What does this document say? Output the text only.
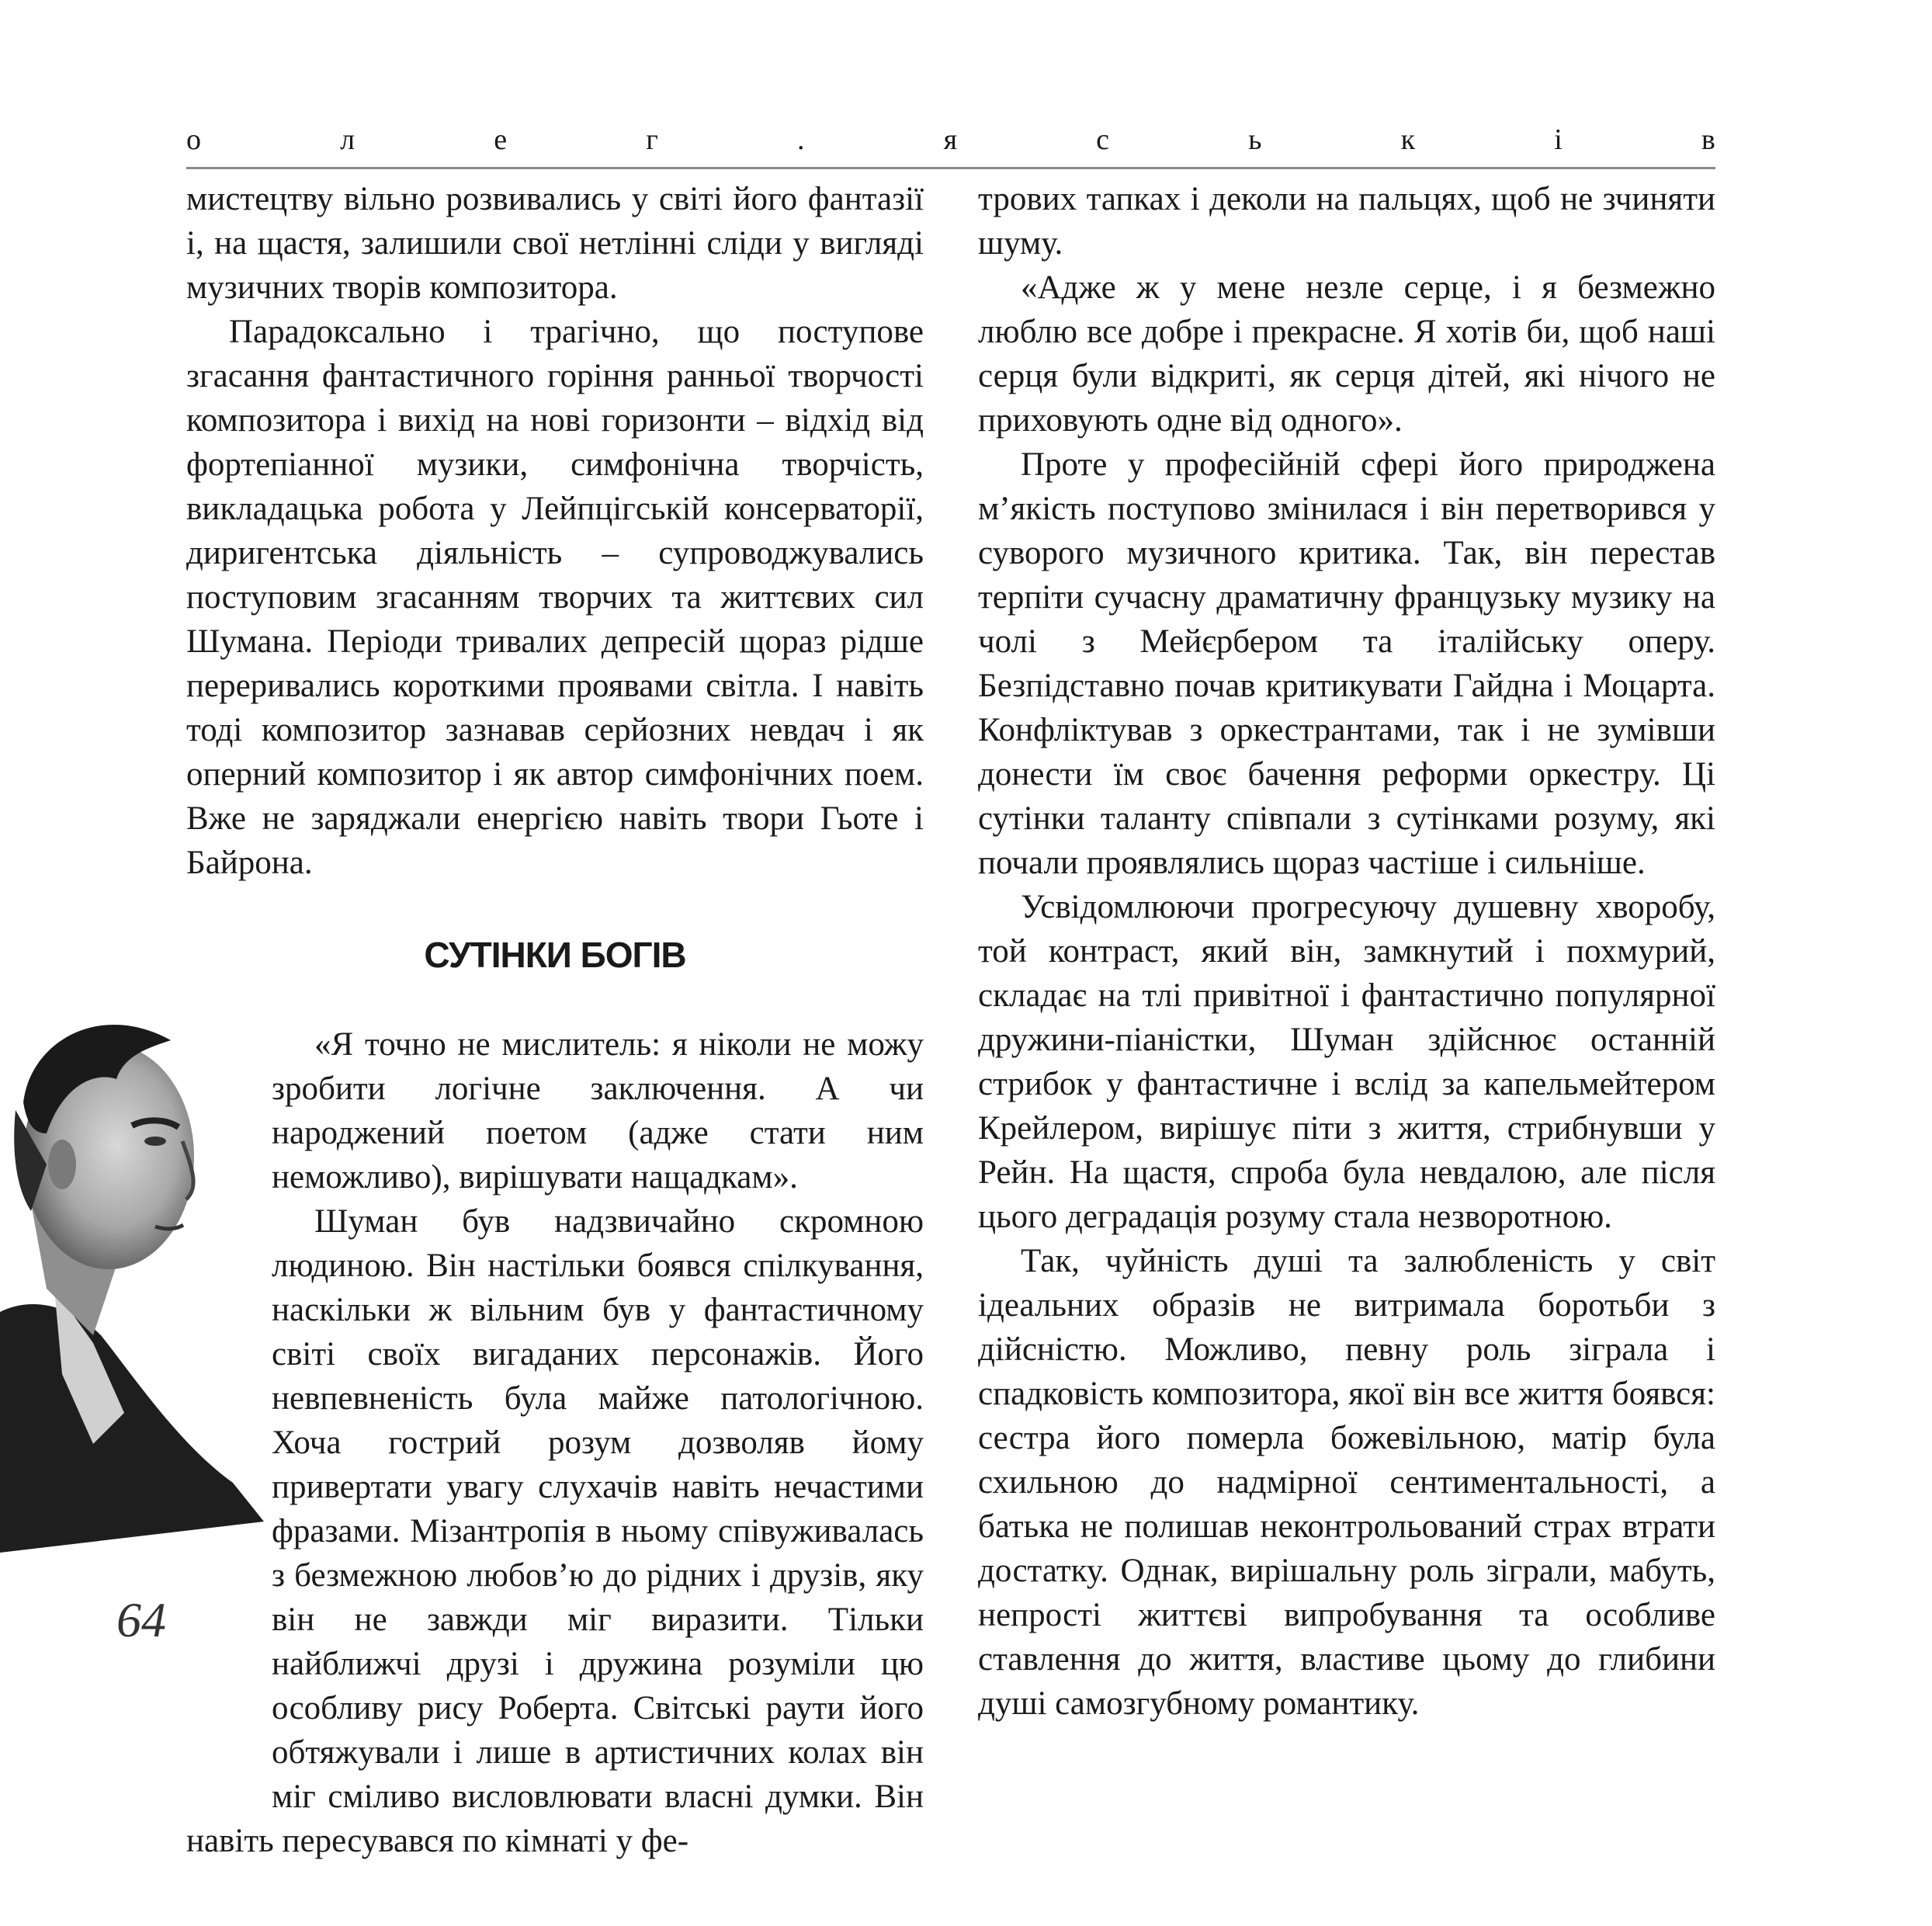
о	л	е	г	.	я	с	ь	к	і	в

мистецтву вільно розвивались у світі його фантазії і, на щастя, залишили свої нетлінні сліди у вигляді музичних творів композитора.

Парадоксально і трагічно, що поступове згасання фантастичного горіння ранньої творчості композитора і вихід на нові горизонти – відхід від фортепіанної музики, симфонічна творчість, викладацька робота у Лейпцігській консерваторії, диригентська діяльність – супроводжувались поступовим згасанням творчих та життєвих сил Шумана. Періоди тривалих депресій щораз рідше переривались короткими проявами світла. І навіть тоді композитор зазнавав серйозних невдач і як оперний композитор і як автор симфонічних поем. Вже не заряджали енергією навіть твори Гьоте і Байрона.

СУТІНКИ БОГІВ

«Я точно не мислитель: я ніколи не можу зробити логічне заключення. А чи народжений поетом (адже стати ним неможливо), вирішувати нащадкам».

Шуман був надзвичайно скромною людиною. Він настільки боявся спілкування, наскільки ж вільним був у фантастичному світі своїх вигаданих персонажів. Його невпевненість була майже патологічною. Хоча гострий розум дозволяв йому привертати увагу слухачів навіть нечастими фразами. Мізантропія в ньому співуживалась з безмежною любов’ю до рідних і друзів, яку він не завжди міг виразити. Тільки найближчі друзі і дружина розуміли цю особливу рису Роберта. Світські раути його обтяжували і лише в артистичних колах він міг сміливо висловлювати власні думки. Він навіть пересувався по кімнаті у фе-

трових тапках і деколи на пальцях, щоб не зчиняти шуму.

«Адже ж у мене незле серце, і я безмежно люблю все добре і прекрасне. Я хотів би, щоб наші серця були відкриті, як серця дітей, які нічого не приховують одне від одного».

Проте у професійній сфері його природжена м’якість поступово змінилася і він перетворився у суворого музичного критика. Так, він перестав терпіти сучасну драматичну французьку музику на чолі з Мейєрбером та італійську оперу. Безпідставно почав критикувати Гайдна і Моцарта. Конфліктував з оркестрантами, так і не зумівши донести їм своє бачення реформи оркестру. Ці сутінки таланту співпали з сутінками розуму, які почали проявлялись щораз частіше і сильніше.

Усвідомлюючи прогресуючу душевну хворобу, той контраст, який він, замкнутий і похмурий, складає на тлі привітної і фантастично популярної дружини-піаністки, Шуман здійснює останній стрибок у фантастичне і вслід за капельмейтером Крейлером, вирішує піти з життя, стрибнувши у Рейн. На щастя, спроба була невдалою, але після цього деградація розуму стала незворотною.

Так, чуйність душі та залюбленість у світ ідеальних образів не витримала боротьби з дійсністю. Можливо, певну роль зіграла і спадковість композитора, якої він все життя боявся: сестра його померла божевільною, матір була схильною до надмірної сентиментальності, а батька не полишав неконтрольований страх втрати достатку. Однак, вирішальну роль зіграли, мабуть, непрості життєві випробування та особливе ставлення до життя, властиве цьому до глибини душі самозгубному романтику.

64
